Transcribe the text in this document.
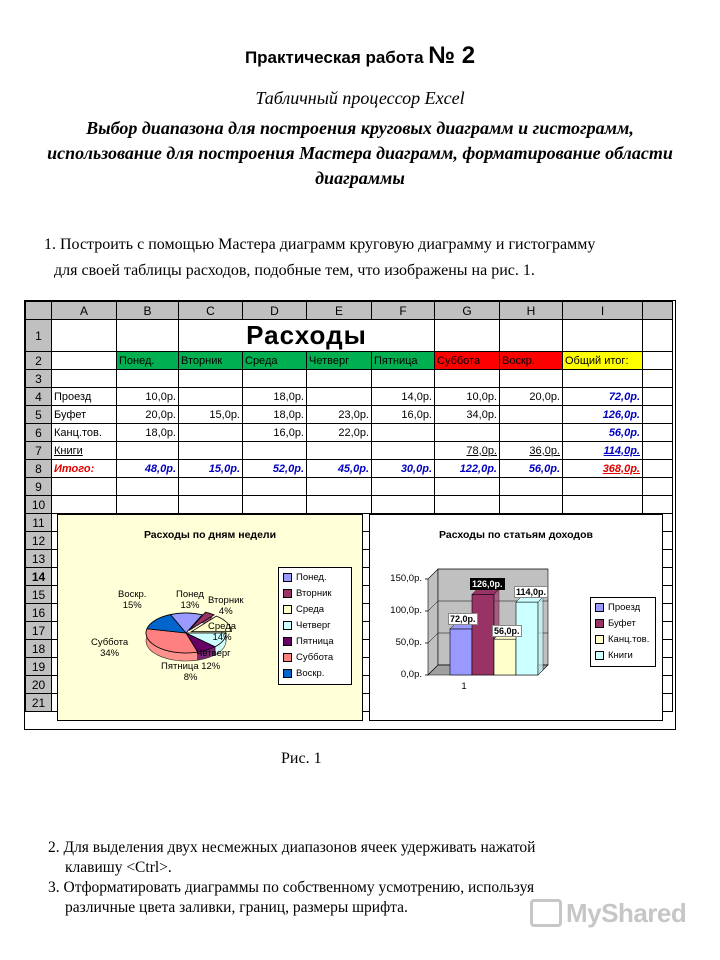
Практическая работа № 2
Табличный процессор Excel
Выбор диапазона для построения круговых диаграмм и гистограмм, использование для построения Мастера диаграмм, форматирование области диаграммы
1. Построить с помощью Мастера диаграмм круговую диаграмму и гистограмму
для своей таблицы расходов, подобные тем, что изображены на рис. 1.
	A	B	C	D	E	F	G	H	I	
1			Расходы							
2		Понед.	Вторник	Среда	Четверг	Пятница	Суббота	Воскр.	Общий итог:	
3										
4	Проезд	10,0р.		18,0р.		14,0р.	10,0р.	20,0р.	72,0р.	
5	Буфет	20,0р.	15,0р.	18,0р.	23,0р.	16,0р.	34,0р.		126,0р.	
6	Канц.тов.	18,0р.		16,0р.	22,0р.				56,0р.	
7	Книги						78,0р.	36,0р.	114,0р.	
8	Итого:	48,0р.	15,0р.	52,0р.	45,0р.	30,0р.	122,0р.	56,0р.	368,0р.	
9										
10										
11										
12										
13										
14										
15										
16										
17										
18										
19										
20										
21										
Расходы по дням недели
Воскр.
15%
Понед
13% Вторник
4%
Среда
14%
Четверг
Суббота
34%
Пятница 12%
8%
Понед.
Вторник
Среда
Четверг
Пятница
Суббота
Воскр.
Расходы по статьям доходов
Проезд
Буфет
Канц.тов.
Книги
0,0р.
50,0р.
100,0р.
150,0р.
72,0р.
126,0р.
56,0р.
114,0р.
1
Рис. 1
2. Для выделения двух несмежных диапазонов ячеек удерживать нажатой
клавишу <Ctrl>.
3. Отформатировать диаграммы по собственному усмотрению, используя
различные цвета заливки, границ, размеры шрифта.	MyShared
